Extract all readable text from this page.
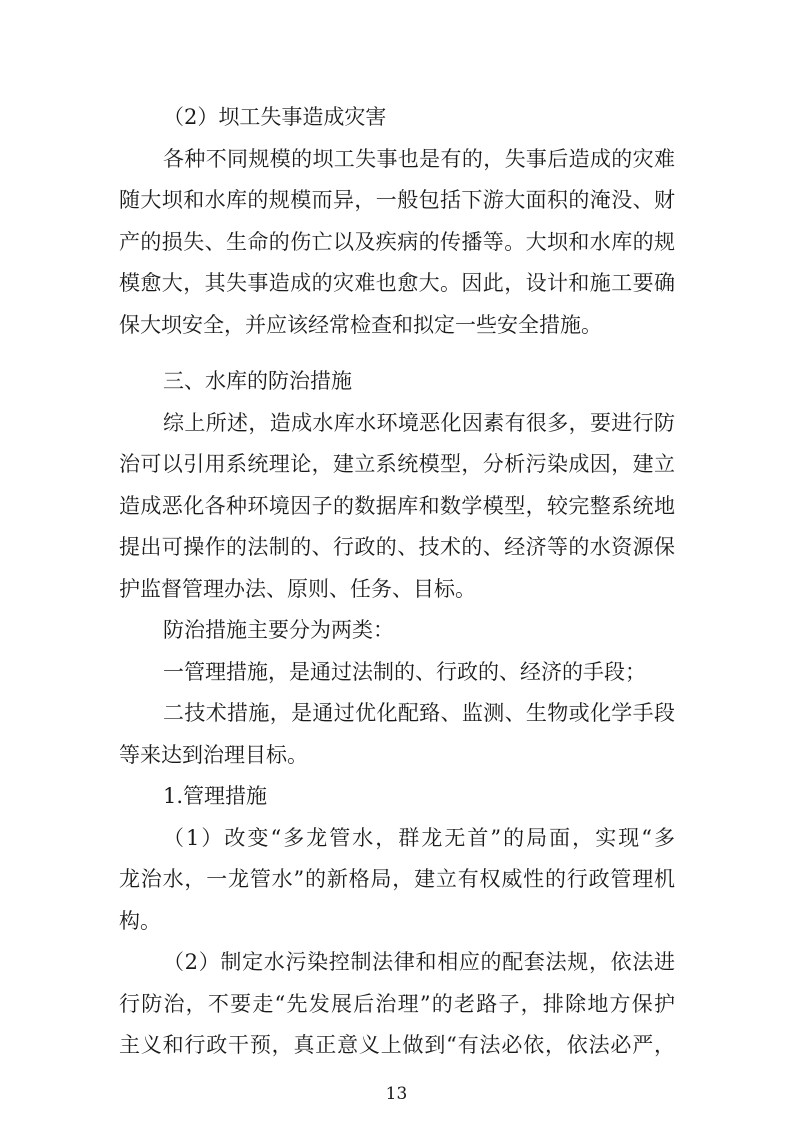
（2）坝工失事造成灾害
各种不同规模的坝工失事也是有的，失事后造成的灾难
随大坝和水库的规模而异，一般包括下游大面积的淹没、财
产的损失、生命的伤亡以及疾病的传播等。大坝和水库的规
模愈大，其失事造成的灾难也愈大。因此，设计和施工要确
保大坝安全，并应该经常检查和拟定一些安全措施。
三、水库的防治措施
综上所述，造成水库水环境恶化因素有很多，要进行防
治可以引用系统理论，建立系统模型，分析污染成因，建立
造成恶化各种环境因子的数据库和数学模型，较完整系统地
提出可操作的法制的、行政的、技术的、经济等的水资源保
护监督管理办法、原则、任务、目标。
防治措施主要分为两类：
一管理措施，是通过法制的、行政的、经济的手段；
二技术措施，是通过优化配臵、监测、生物或化学手段
等来达到治理目标。
1.管理措施
（1）改变“多龙管水，群龙无首”的局面，实现“多
龙治水，一龙管水”的新格局，建立有权威性的行政管理机
构。
（2）制定水污染控制法律和相应的配套法规，依法进
行防治，不要走“先发展后治理”的老路子，排除地方保护
主义和行政干预，真正意义上做到“有法必依，依法必严，
13
